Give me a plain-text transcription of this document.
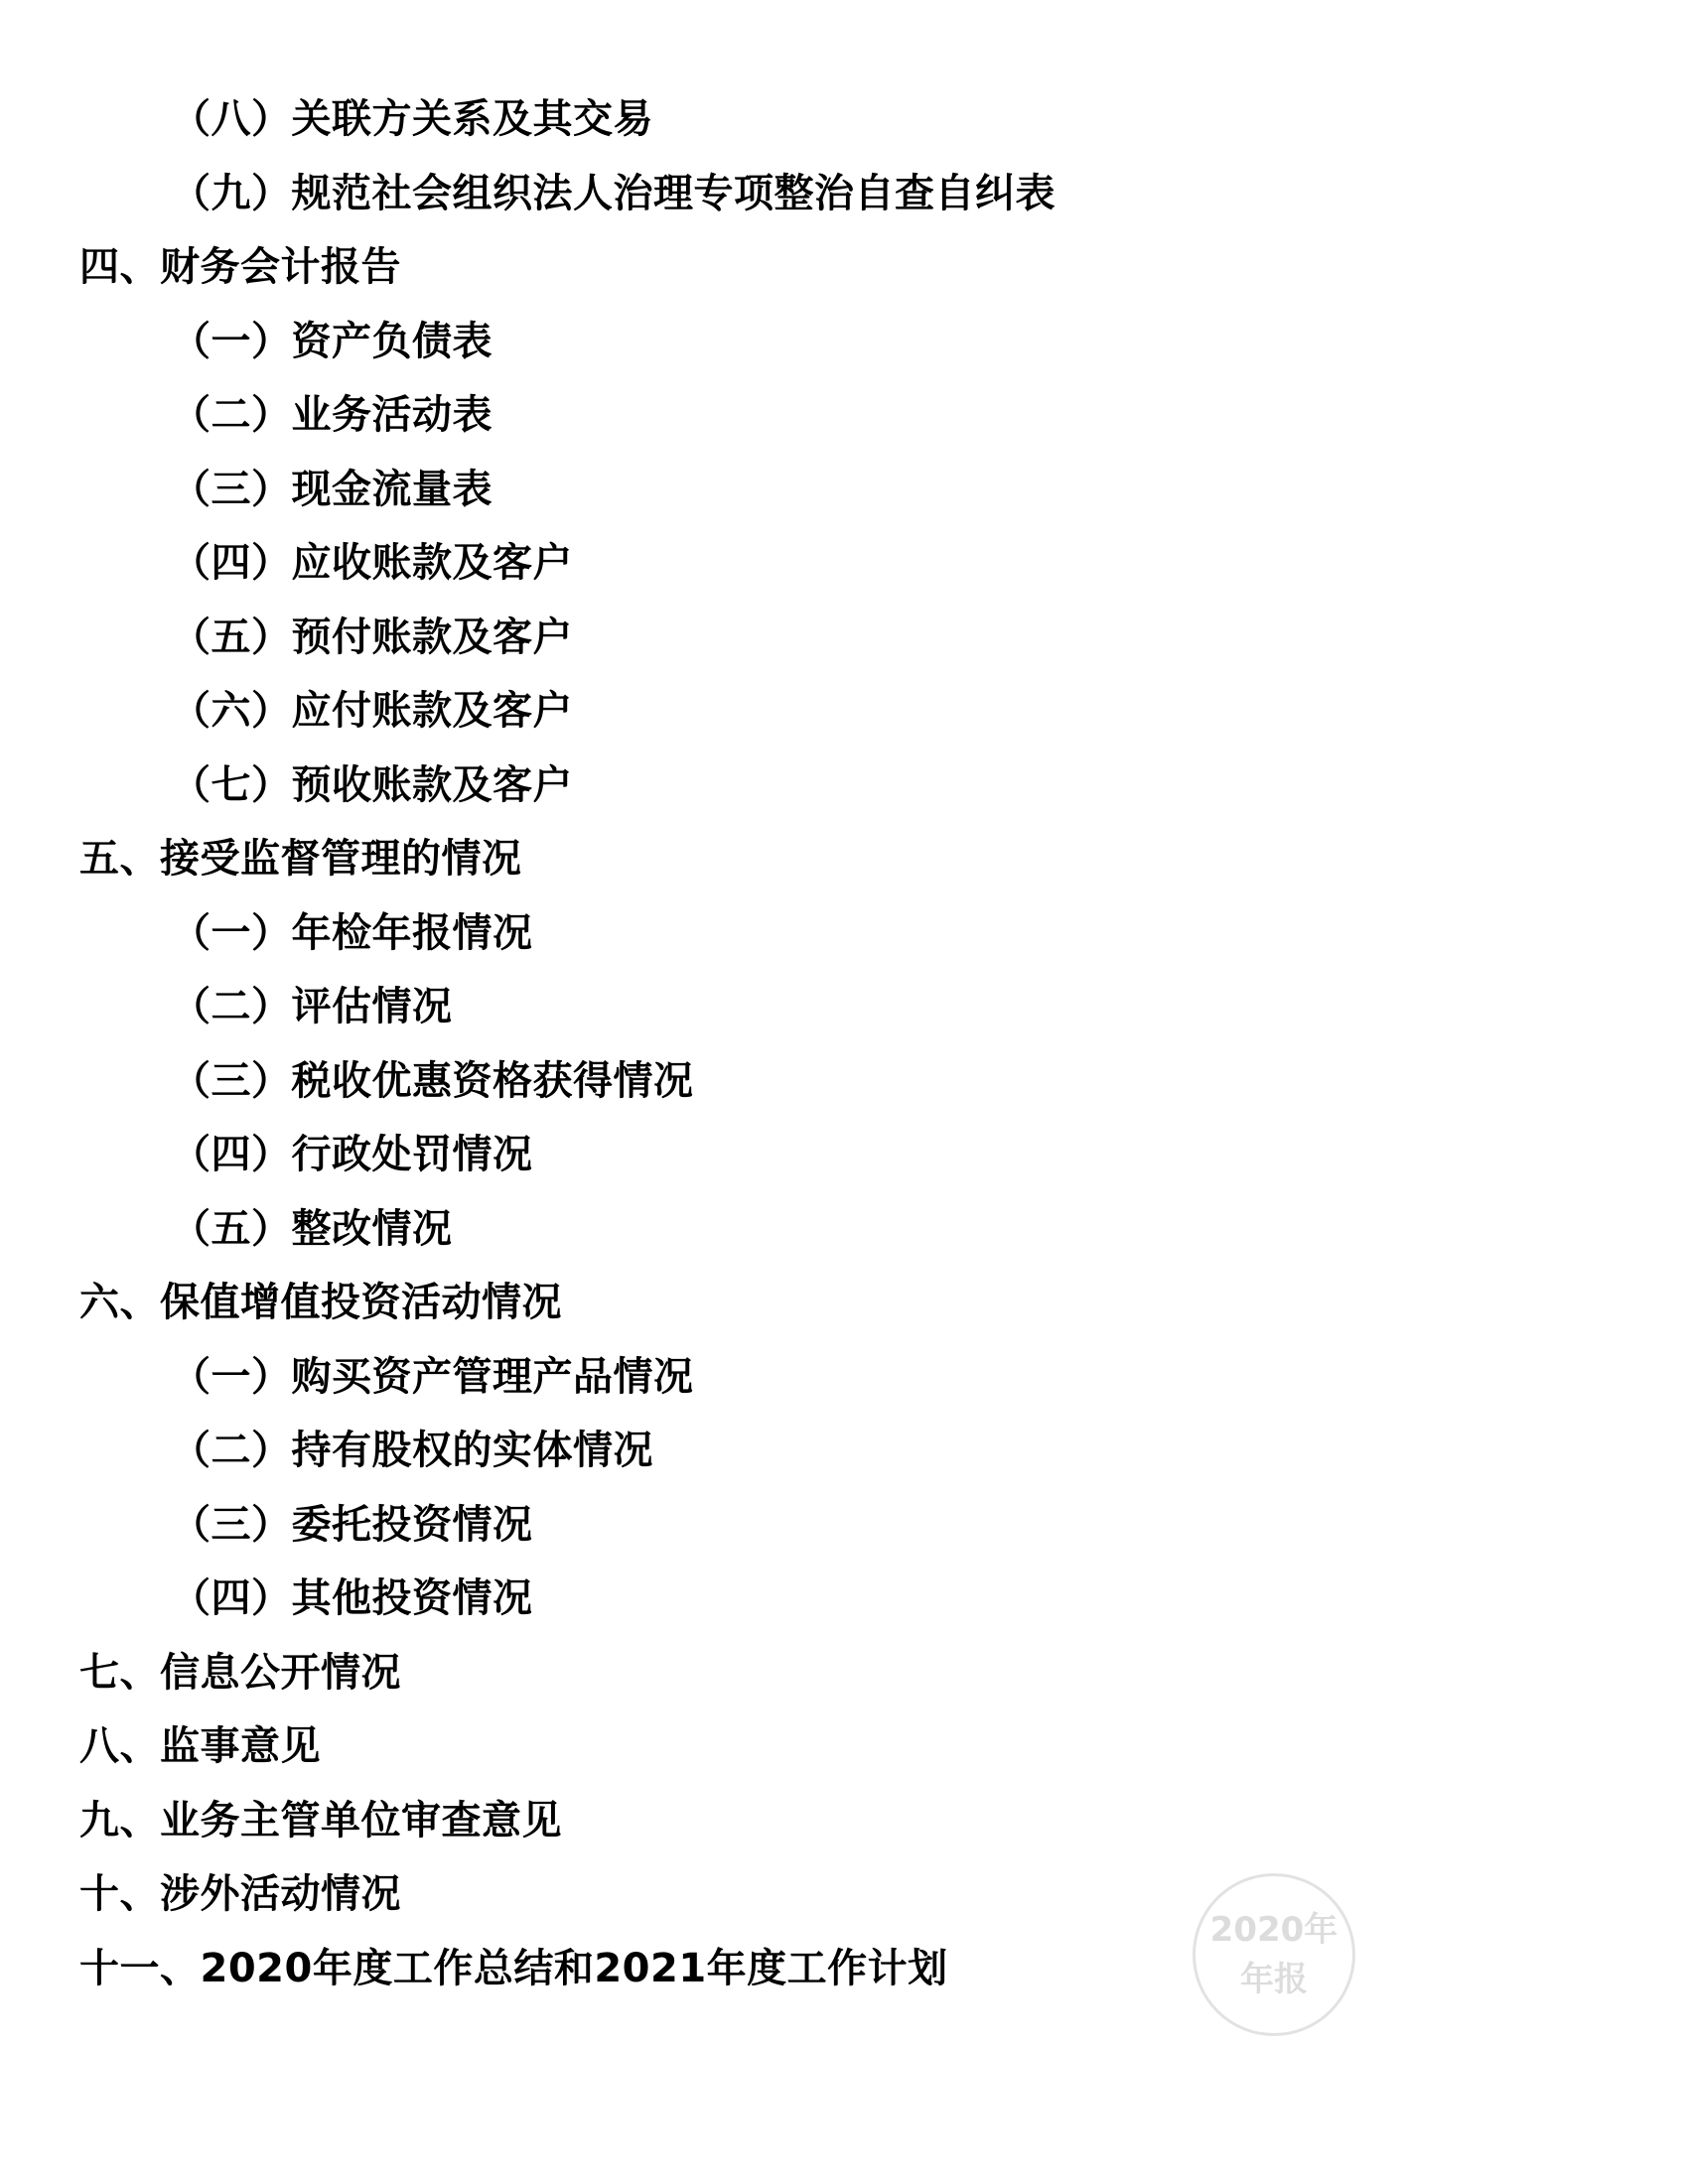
（八）关联方关系及其交易
（九）规范社会组织法人治理专项整治自查自纠表
四、财务会计报告
（一）资产负债表
（二）业务活动表
（三）现金流量表
（四）应收账款及客户
（五）预付账款及客户
（六）应付账款及客户
（七）预收账款及客户
五、接受监督管理的情况
（一）年检年报情况
（二）评估情况
（三）税收优惠资格获得情况
（四）行政处罚情况
（五）整改情况
六、保值增值投资活动情况
（一）购买资产管理产品情况
（二）持有股权的实体情况
（三）委托投资情况
（四）其他投资情况
七、信息公开情况
八、监事意见
九、业务主管单位审查意见
十、涉外活动情况
十一、2020年度工作总结和2021年度工作计划
2020年
年报
